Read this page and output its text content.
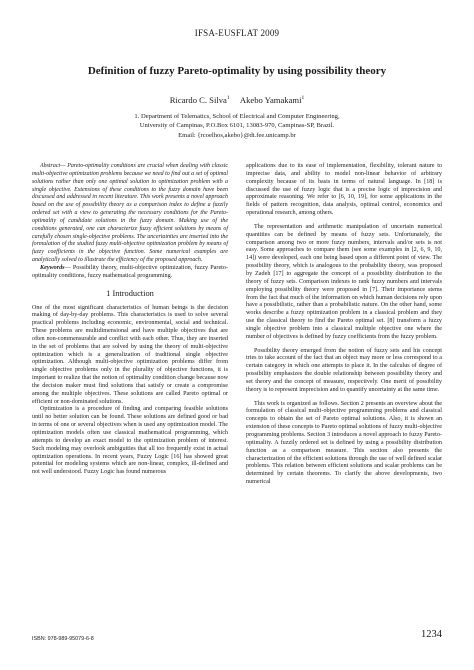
IFSA-EUSFLAT 2009
Definition of fuzzy Pareto-optimality by using possibility theory
Ricardo C. Silva$^1$ Akebo Yamakami$^1$
1. Department of Telematics, School of Electrical and Computer Engineering,
University of Campinas, P.O.Box 6101, 13083-970, Campinas-SP, Brazil.
Email: {rcoelhos,akebo}@dt.fee.unicamp.br

Abstract— Pareto-optimality conditions are crucial when dealing with classic multi-objective optimization problems because we need to find out a set of optimal solutions rather than only one optimal solution to optimization problem with a single objective. Extensions of these conditions to the fuzzy domain have been discussed and addressed in recent literature. This work presents a novel approach based on the use of possibility theory as a comparison index to define a fuzzily ordered set with a view to generating the necessary conditions for the Pareto-optimality of candidate solutions in the fuzzy domain. Making use of the conditions generated, one can characterize fuzzy efficient solutions by means of carefully chosen single-objective problems. The uncertainties are inserted into the formulation of the studied fuzzy multi-objective optimization problem by means of fuzzy coefficients in the objective function. Some numerical examples are analytically solved to illustrate the efficiency of the proposed approach.

Keywords— Possibility theory, multi-objective optimization, fuzzy Pareto-optimality conditions, fuzzy mathematical programming.

1 Introduction

One of the most significant characteristics of human beings is the decision making of day-by-day problems. This characteristics is used to solve several practical problems including economic, environmental, social and technical. These problems are multidimensional and have multiple objectives that are often non-commensurable and conflict with each other. Thus, they are inserted in the set of problems that are solved by using the theory of multi-objective optimization which is a generalization of traditional single objective optimization. Although multi-objective optimization problems differ from single objective problems only in the plurality of objective functions, it is important to realize that the notion of optimality condition change because now the decision maker must find solutions that satisfy or create a compromise among the multiple objectives. These solutions are called Pareto optimal or efficient or non-dominated solutions.

Optimization is a procedure of finding and comparing feasible solutions until no better solution can be found. These solutions are defined good or bad in terms of one or several objectives when is used any optimization model. The optimization models often use classical mathematical programming, which attempts to develop an exact model to the optimization problem of interest. Such modeling may overlook ambiguities that all too frequently exist in actual optimization operations. In recent years, Fuzzy Logic [16] has showed great potential for modeling systems which are non-linear, complex, ill-defined and not well understood. Fuzzy Logic has found numerous

applications due to its ease of implementation, flexibility, tolerant nature to imprecise data, and ability to model non-linear behavior of arbitrary complexity because of its basis in terms of natural language. In [18] is discussed the use of fuzzy logic that is a precise logic of imprecision and approximate reasoning. We refer to [6, 10, 19], for some applications in the fields of pattern recognition, data analysis, optimal control, economics and operational research, among others.

The representation and arithmetic manipulation of uncertain numerical quantities can be defined by means of fuzzy sets. Unfortunately, the comparison among two or more fuzzy numbers, intervals and/or sets is not easy. Some approaches to compare them (see some examples in [2, 6, 9, 10, 14]) were developed, each one being based upon a different point of view. The possibility theory, which is analogous to the probability theory, was proposed by Zadeh [17] to aggregate the concept of a possibility distribution to the theory of fuzzy sets. Comparison indexes to rank fuzzy numbers and intervals employing possibility theory were proposed in [7]. Their importance stems from the fact that much of the information on which human decisions rely upon have a possibilistic, rather than a probabilistic nature. On the other hand, some works describe a fuzzy optimization problem in a classical problem and they use the classical theory to find the Pareto optimal set. [8] transform a fuzzy single objective problem into a classical multiple objective one where the number of objectives is defined by fuzzy coefficients from the fuzzy problem.

Possibility theory emerged from the notion of fuzzy sets and his concept tries to take account of the fact that an object may more or less correspond to a certain category in which one attempts to place it. In the calculus of degree of possibility emphasizes the double relationship between possibility theory and set theory and the concept of measure, respectively. One merit of possibility theory is to represent imprecision and to quantify uncertainty at the same time.

This work is organized as follows. Section 2 presents an overview about the formulation of classical multi-objective programming problems and classical concepts to obtain the set of Pareto optimal solutions. Also, it is shown an extension of these concepts to Pareto optimal solutions of fuzzy multi-objective programming problems. Section 3 introduces a novel approach to fuzzy Pareto-optimality. A fuzzily ordered set is defined by using a possibility distribution function as a comparison measure. This section also presents the characterization of the efficient solutions through the use of well defined scalar problems. This relation between efficient solutions and scalar problems can be determined by certain theorems. To clarify the above developments, two numerical

ISBN: 978-989-95079-6-8	1234
